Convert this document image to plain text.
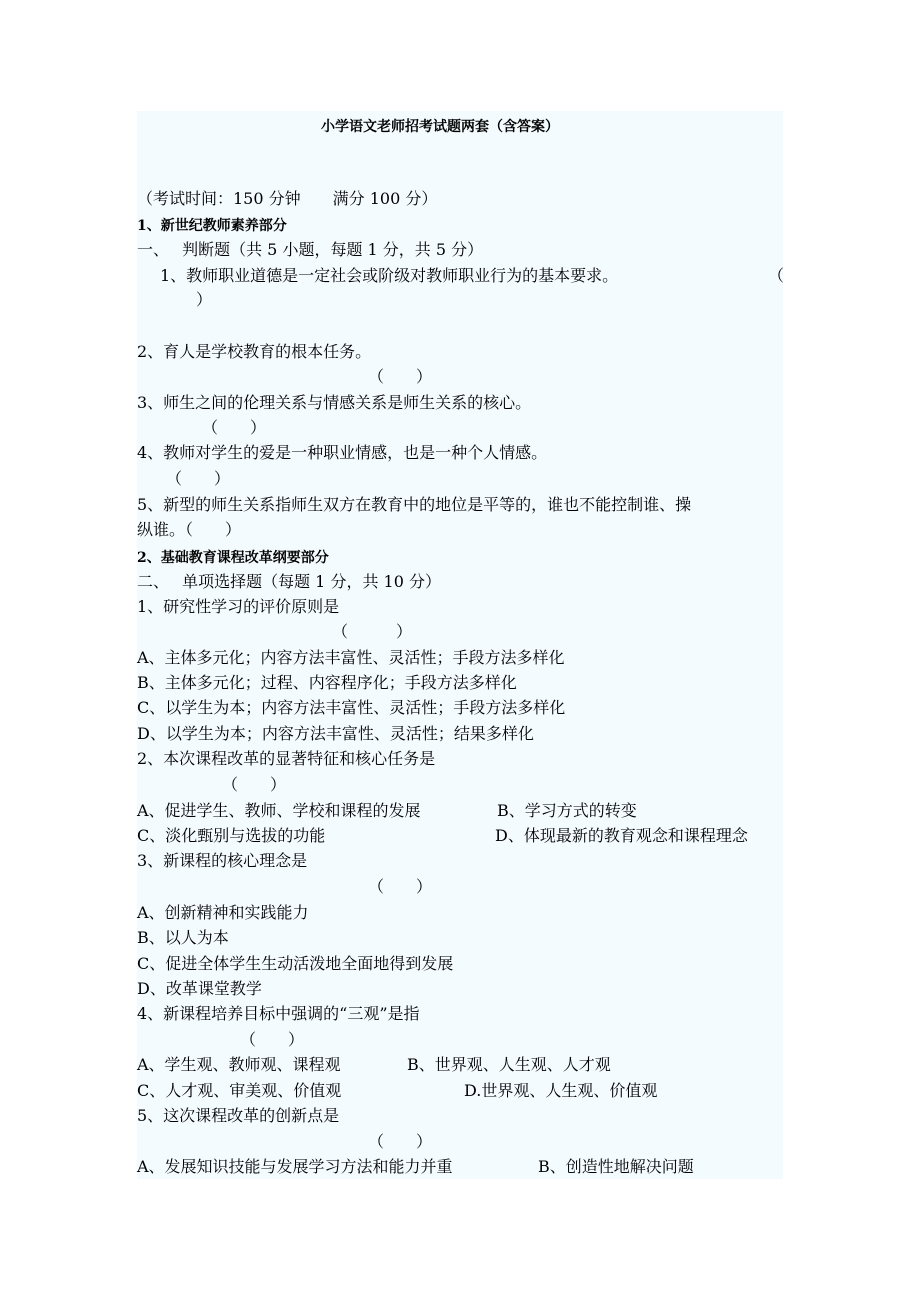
小学语文老师招考试题两套（含答案）
（考试时间：150 分钟　　满分 100 分）
1、新世纪教师素养部分
一、　 判断题（共 5 小题，每题 1 分，共 5 分）
1、教师职业道德是一定社会或阶级对教师职业行为的基本要求。	（
）
2、育人是学校教育的根本任务。
（　　）
3、师生之间的伦理关系与情感关系是师生关系的核心。
（　　）
4、教师对学生的爱是一种职业情感，也是一种个人情感。
（　　）
5、新型的师生关系指师生双方在教育中的地位是平等的，谁也不能控制谁、操
纵谁。（　　）
2、基础教育课程改革纲要部分
二、　 单项选择题（每题 1 分，共 10 分）
1、研究性学习的评价原则是
（　　　）
A、主体多元化；内容方法丰富性、灵活性；手段方法多样化
B、主体多元化；过程、内容程序化；手段方法多样化
C、以学生为本；内容方法丰富性、灵活性；手段方法多样化
D、以学生为本；内容方法丰富性、灵活性；结果多样化
2、本次课程改革的显著特征和核心任务是
（　　）
A、促进学生、教师、学校和课程的发展	B、学习方式的转变
C、淡化甄别与选拔的功能	D、体现最新的教育观念和课程理念
3、新课程的核心理念是
（　　）
A、创新精神和实践能力
B、以人为本
C、促进全体学生生动活泼地全面地得到发展
D、改革课堂教学
4、新课程培养目标中强调的“三观”是指
（　　）
A、学生观、教师观、课程观	B、世界观、人生观、人才观
C、人才观、审美观、价值观	D.世界观、人生观、价值观
5、这次课程改革的创新点是
（　　）
A、发展知识技能与发展学习方法和能力并重	B、创造性地解决问题
